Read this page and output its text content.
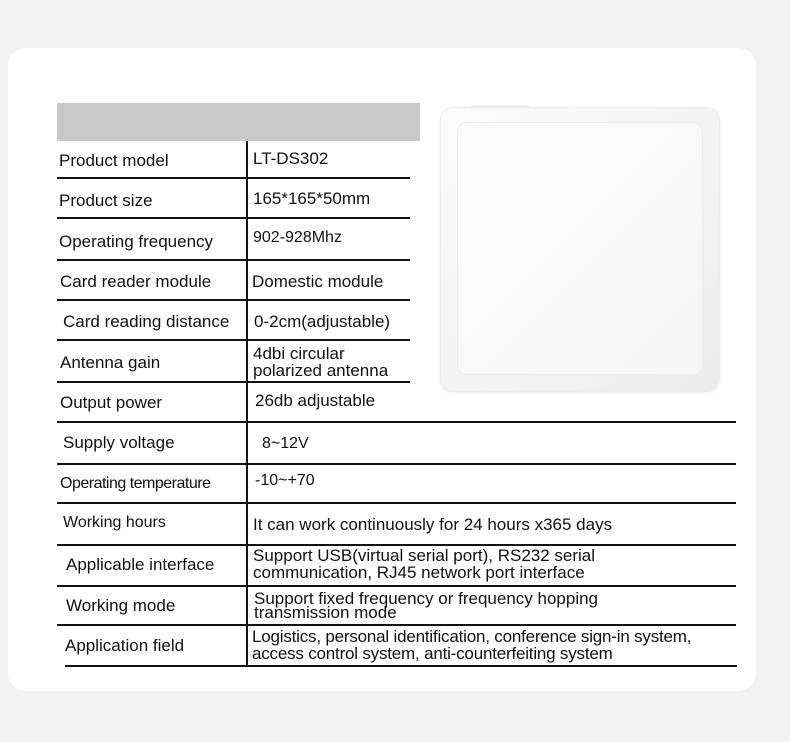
Product model
Product size
Operating frequency
Card reader module
Card reading distance
Antenna gain
Output power
Supply voltage
Operating temperature
Working hours
Applicable interface
Working mode
Application field
LT-DS302
165*165*50mm
902-928Mhz
Domestic module
0-2cm(adjustable)
4dbi circular polarized antenna
26db adjustable
8~12V
-10~+70
It can work continuously for 24 hours x365 days
Support USB(virtual serial port), RS232 serial communication, RJ45 network port interface
Support fixed frequency or frequency hopping transmission mode
Logistics, personal identification, conference sign-in system, access control system, anti-counterfeiting system
